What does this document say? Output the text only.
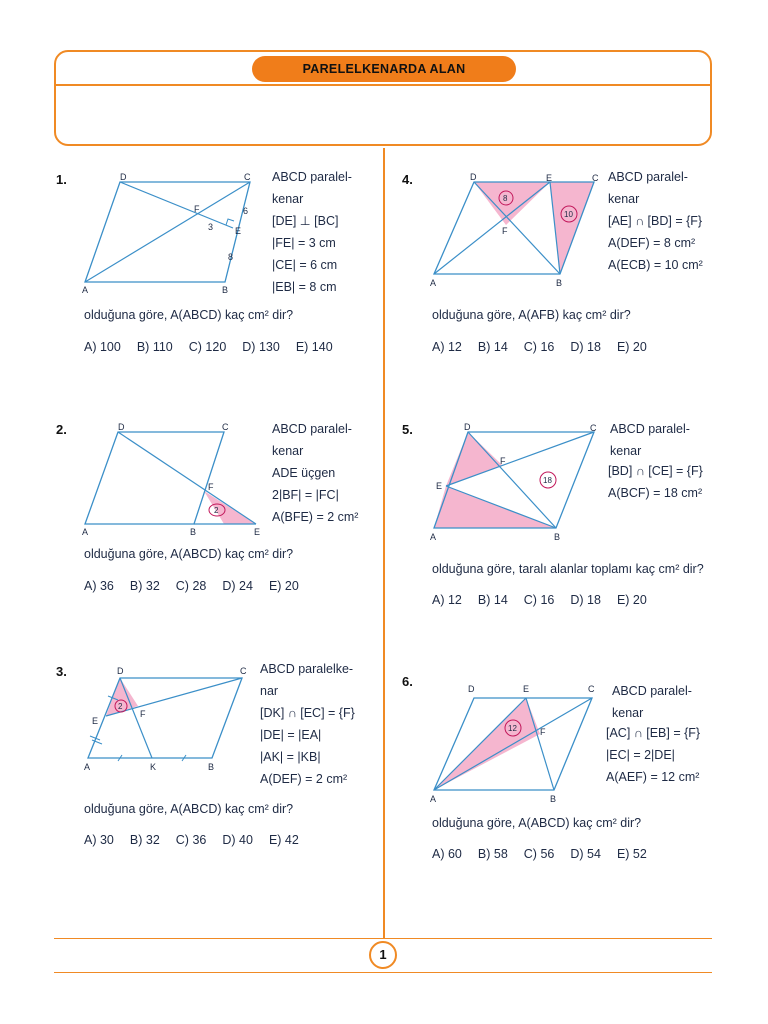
PARELELKENARDA ALAN
1.	D	C
A	B
F
E
3
6
8
ABCD paralel-
kenar
[DE] ⊥ [BC]
|FE| = 3 cm
|CE| = 6 cm
|EB| = 8 cm
olduğuna göre, A(ABCD) kaç cm² dir?
A) 100 B) 110 C) 120 D) 130 E) 140
2.
2
D	C
A	B
F
E
ABCD paralel-
kenar
ADE üçgen
2|BF| = |FC|
A(BFE) = 2 cm²
olduğuna göre, A(ABCD) kaç cm² dir?
A) 36 B) 32 C) 28 D) 24 E) 20
3.
2
D	C
A	B
F
E
K
ABCD paralelke-
nar
[DK] ∩ [EC] = {F}
|DE| = |EA|
|AK| = |KB|
A(DEF) = 2 cm²
olduğuna göre, A(ABCD) kaç cm² dir?
A) 30 B) 32 C) 36 D) 40 E) 42
4.
8
10
D	C
A	B
F
E	ABCD paralel-
kenar
[AE] ∩ [BD] = {F}
A(DEF) = 8 cm²
A(ECB) = 10 cm²
olduğuna göre, A(AFB) kaç cm² dir?
A) 12 B) 14 C) 16 D) 18 E) 20
5.
18
D	C
A	B
F
E
ABCD paralel-
kenar
[BD] ∩ [CE] = {F}
A(BCF) = 18 cm²
olduğuna göre, taralı alanlar toplamı kaç cm² dir?
A) 12 B) 14 C) 16 D) 18 E) 20
6.
12
D	C
A	B
F
E	ABCD paralel-
kenar
[AC] ∩ [EB] = {F}
|EC| = 2|DE|
A(AEF) = 12 cm²
olduğuna göre, A(ABCD) kaç cm² dir?
A) 60 B) 58 C) 56 D) 54 E) 52
1
